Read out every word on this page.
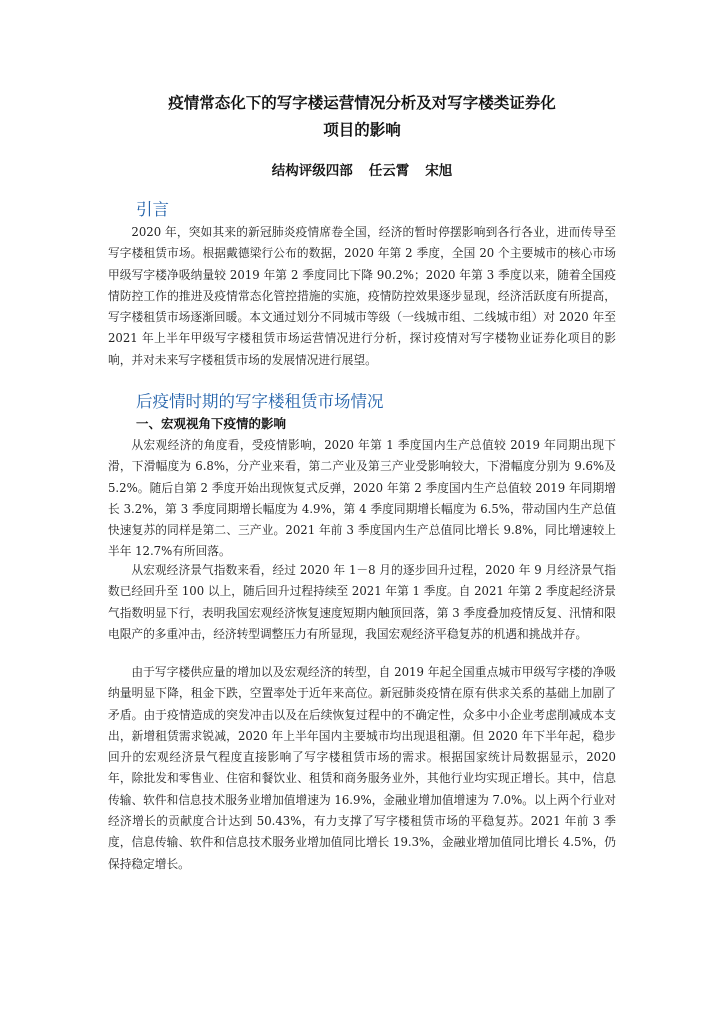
疫情常态化下的写字楼运营情况分析及对写字楼类证券化
项目的影响
结构评级四部 任云霄 宋旭
引言

2020 年，突如其来的新冠肺炎疫情席卷全国，经济的暂时停摆影响到各行各业，进而传导至写字楼租赁市场。根据戴德梁行公布的数据，2020 年第 2 季度，全国 20 个主要城市的核心市场甲级写字楼净吸纳量较 2019 年第 2 季度同比下降 90.2%；2020 年第 3 季度以来，随着全国疫情防控工作的推进及疫情常态化管控措施的实施，疫情防控效果逐步显现，经济活跃度有所提高，写字楼租赁市场逐渐回暖。本文通过划分不同城市等级（一线城市组、二线城市组）对 2020 年至 2021 年上半年甲级写字楼租赁市场运营情况进行分析，探讨疫情对写字楼物业证券化项目的影响，并对未来写字楼租赁市场的发展情况进行展望。

后疫情时期的写字楼租赁市场情况
一、宏观视角下疫情的影响

从宏观经济的角度看，受疫情影响，2020 年第 1 季度国内生产总值较 2019 年同期出现下滑，下滑幅度为 6.8%，分产业来看，第二产业及第三产业受影响较大，下滑幅度分别为 9.6%及 5.2%。随后自第 2 季度开始出现恢复式反弹，2020 年第 2 季度国内生产总值较 2019 年同期增长 3.2%，第 3 季度同期增长幅度为 4.9%，第 4 季度同期增长幅度为 6.5%，带动国内生产总值快速复苏的同样是第二、三产业。2021 年前 3 季度国内生产总值同比增长 9.8%，同比增速较上半年 12.7%有所回落。

从宏观经济景气指数来看，经过 2020 年 1－8 月的逐步回升过程，2020 年 9 月经济景气指数已经回升至 100 以上，随后回升过程持续至 2021 年第 1 季度。自 2021 年第 2 季度起经济景气指数明显下行，表明我国宏观经济恢复速度短期内触顶回落，第 3 季度叠加疫情反复、汛情和限电限产的多重冲击，经济转型调整压力有所显现，我国宏观经济平稳复苏的机遇和挑战并存。

由于写字楼供应量的增加以及宏观经济的转型，自 2019 年起全国重点城市甲级写字楼的净吸纳量明显下降，租金下跌，空置率处于近年来高位。新冠肺炎疫情在原有供求关系的基础上加剧了矛盾。由于疫情造成的突发冲击以及在后续恢复过程中的不确定性，众多中小企业考虑削减成本支出，新增租赁需求锐减，2020 年上半年国内主要城市均出现退租潮。但 2020 年下半年起，稳步回升的宏观经济景气程度直接影响了写字楼租赁市场的需求。根据国家统计局数据显示，2020 年，除批发和零售业、住宿和餐饮业、租赁和商务服务业外，其他行业均实现正增长。其中，信息传输、软件和信息技术服务业增加值增速为 16.9%，金融业增加值增速为 7.0%。以上两个行业对经济增长的贡献度合计达到 50.43%，有力支撑了写字楼租赁市场的平稳复苏。2021 年前 3 季度，信息传输、软件和信息技术服务业增加值同比增长 19.3%，金融业增加值同比增长 4.5%，仍保持稳定增长。
